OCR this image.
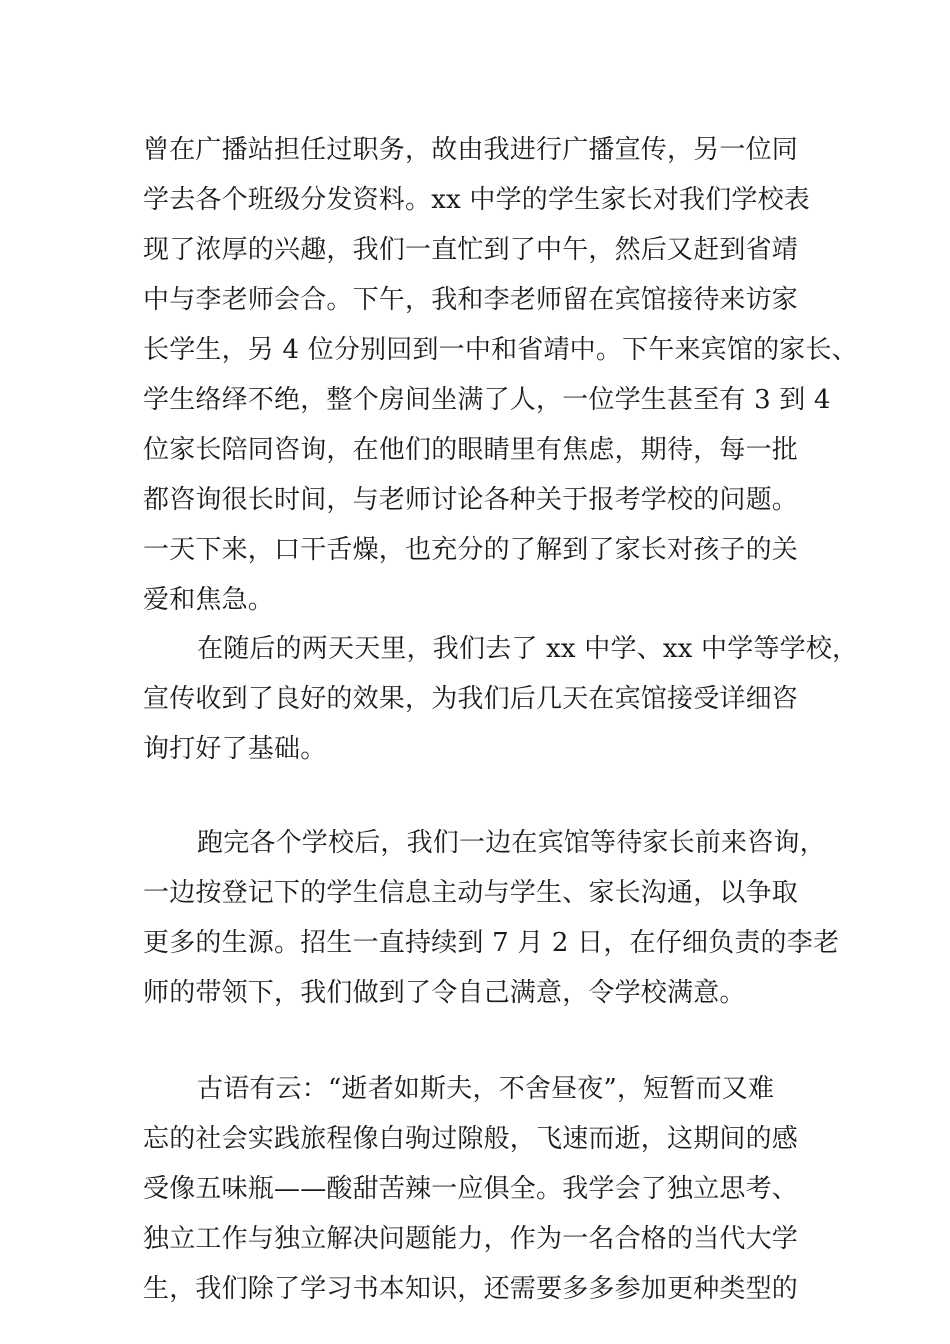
曾在广播站担任过职务，故由我进行广播宣传，另一位同
学去各个班级分发资料。xx 中学的学生家长对我们学校表
现了浓厚的兴趣，我们一直忙到了中午，然后又赶到省靖
中与李老师会合。下午，我和李老师留在宾馆接待来访家
长学生，另 4 位分别回到一中和省靖中。下午来宾馆的家长、
学生络绎不绝，整个房间坐满了人，一位学生甚至有 3 到 4
位家长陪同咨询，在他们的眼睛里有焦虑，期待，每一批
都咨询很长时间，与老师讨论各种关于报考学校的问题。
一天下来，口干舌燥，也充分的了解到了家长对孩子的关
爱和焦急。
在随后的两天天里，我们去了 xx 中学、xx 中学等学校，
宣传收到了良好的效果，为我们后几天在宾馆接受详细咨
询打好了基础。
跑完各个学校后，我们一边在宾馆等待家长前来咨询，
一边按登记下的学生信息主动与学生、家长沟通，以争取
更多的生源。招生一直持续到 7 月 2 日，在仔细负责的李老
师的带领下，我们做到了令自己满意，令学校满意。
古语有云：“逝者如斯夫，不舍昼夜”，短暂而又难
忘的社会实践旅程像白驹过隙般，飞速而逝，这期间的感
受像五味瓶——酸甜苦辣一应俱全。我学会了独立思考、
独立工作与独立解决问题能力，作为一名合格的当代大学
生，我们除了学习书本知识，还需要多多参加更种类型的
